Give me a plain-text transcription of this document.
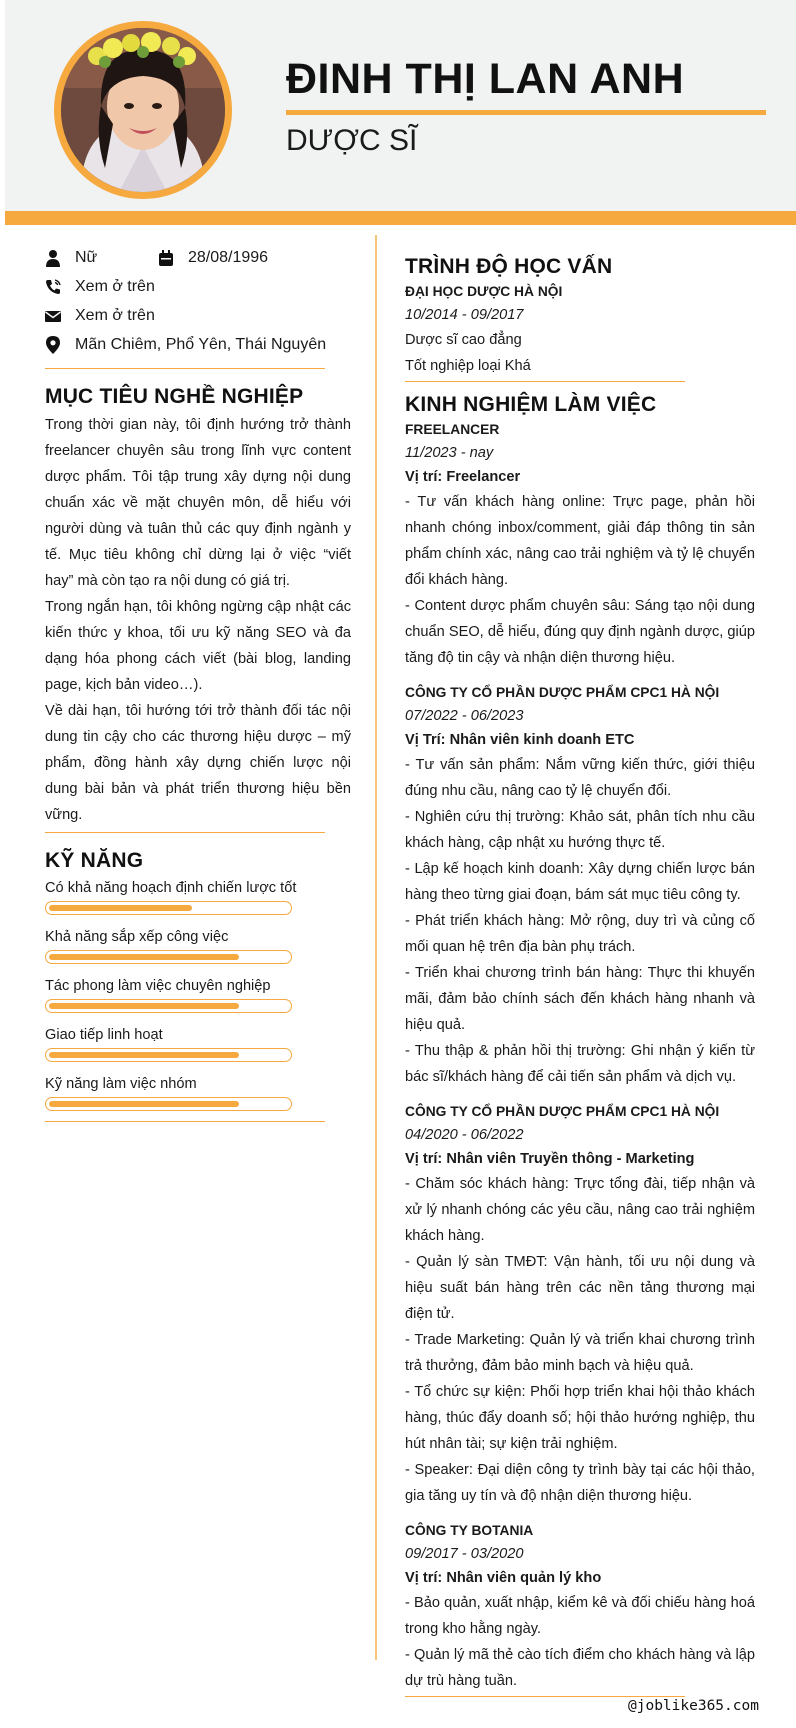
ĐINH THỊ LAN ANH
DƯỢC SĨ
Nữ	28/08/1996
Xem ở trên
Xem ở trên
Mãn Chiêm, Phổ Yên, Thái Nguyên
MỤC TIÊU NGHỀ NGHIỆP

Trong thời gian này, tôi định hướng trở thành freelancer chuyên sâu trong lĩnh vực content dược phẩm. Tôi tập trung xây dựng nội dung chuẩn xác về mặt chuyên môn, dễ hiểu với người dùng và tuân thủ các quy định ngành y tế. Mục tiêu không chỉ dừng lại ở việc “viết hay” mà còn tạo ra nội dung có giá trị.

Trong ngắn hạn, tôi không ngừng cập nhật các kiến thức y khoa, tối ưu kỹ năng SEO và đa dạng hóa phong cách viết (bài blog, landing page, kịch bản video…).

Về dài hạn, tôi hướng tới trở thành đối tác nội dung tin cậy cho các thương hiệu dược – mỹ phẩm, đồng hành xây dựng chiến lược nội dung bài bản và phát triển thương hiệu bền vững.

KỸ NĂNG
Có khả năng hoạch định chiến lược tốt
Khả năng sắp xếp công việc
Tác phong làm việc chuyên nghiệp
Giao tiếp linh hoạt
Kỹ năng làm việc nhóm
TRÌNH ĐỘ HỌC VẤN
ĐẠI HỌC DƯỢC HÀ NỘI
10/2014 - 09/2017
Dược sĩ cao đẳng
Tốt nghiệp loại Khá
KINH NGHIỆM LÀM VIỆC
FREELANCER
11/2023 - nay
Vị trí: Freelancer

- Tư vấn khách hàng online: Trực page, phản hồi nhanh chóng inbox/comment, giải đáp thông tin sản phẩm chính xác, nâng cao trải nghiệm và tỷ lệ chuyển đổi khách hàng.

- Content dược phẩm chuyên sâu: Sáng tạo nội dung chuẩn SEO, dễ hiểu, đúng quy định ngành dược, giúp tăng độ tin cậy và nhận diện thương hiệu.

CÔNG TY CỔ PHẦN DƯỢC PHẨM CPC1 HÀ NỘI
07/2022 - 06/2023
Vị Trí: Nhân viên kinh doanh ETC

- Tư vấn sản phẩm: Nắm vững kiến thức, giới thiệu đúng nhu cầu, nâng cao tỷ lệ chuyển đổi.

- Nghiên cứu thị trường: Khảo sát, phân tích nhu cầu khách hàng, cập nhật xu hướng thực tế.

- Lập kế hoạch kinh doanh: Xây dựng chiến lược bán hàng theo từng giai đoạn, bám sát mục tiêu công ty.

- Phát triển khách hàng: Mở rộng, duy trì và củng cố mối quan hệ trên địa bàn phụ trách.

- Triển khai chương trình bán hàng: Thực thi khuyến mãi, đảm bảo chính sách đến khách hàng nhanh và hiệu quả.

- Thu thập & phản hồi thị trường: Ghi nhận ý kiến từ bác sĩ/khách hàng để cải tiến sản phẩm và dịch vụ.

CÔNG TY CỔ PHẦN DƯỢC PHẨM CPC1 HÀ NỘI
04/2020 - 06/2022
Vị trí: Nhân viên Truyền thông - Marketing

- Chăm sóc khách hàng: Trực tổng đài, tiếp nhận và xử lý nhanh chóng các yêu cầu, nâng cao trải nghiệm khách hàng.

- Quản lý sàn TMĐT: Vận hành, tối ưu nội dung và hiệu suất bán hàng trên các nền tảng thương mại điện tử.

- Trade Marketing: Quản lý và triển khai chương trình trả thưởng, đảm bảo minh bạch và hiệu quả.

- Tổ chức sự kiện: Phối hợp triển khai hội thảo khách hàng, thúc đẩy doanh số; hội thảo hướng nghiệp, thu hút nhân tài; sự kiện trải nghiệm.

- Speaker: Đại diện công ty trình bày tại các hội thảo, gia tăng uy tín và độ nhận diện thương hiệu.

CÔNG TY BOTANIA
09/2017 - 03/2020
Vị trí: Nhân viên quản lý kho

- Bảo quản, xuất nhập, kiểm kê và đối chiếu hàng hoá trong kho hằng ngày.

- Quản lý mã thẻ cào tích điểm cho khách hàng và lập dự trù hàng tuần.

@joblike365.com
